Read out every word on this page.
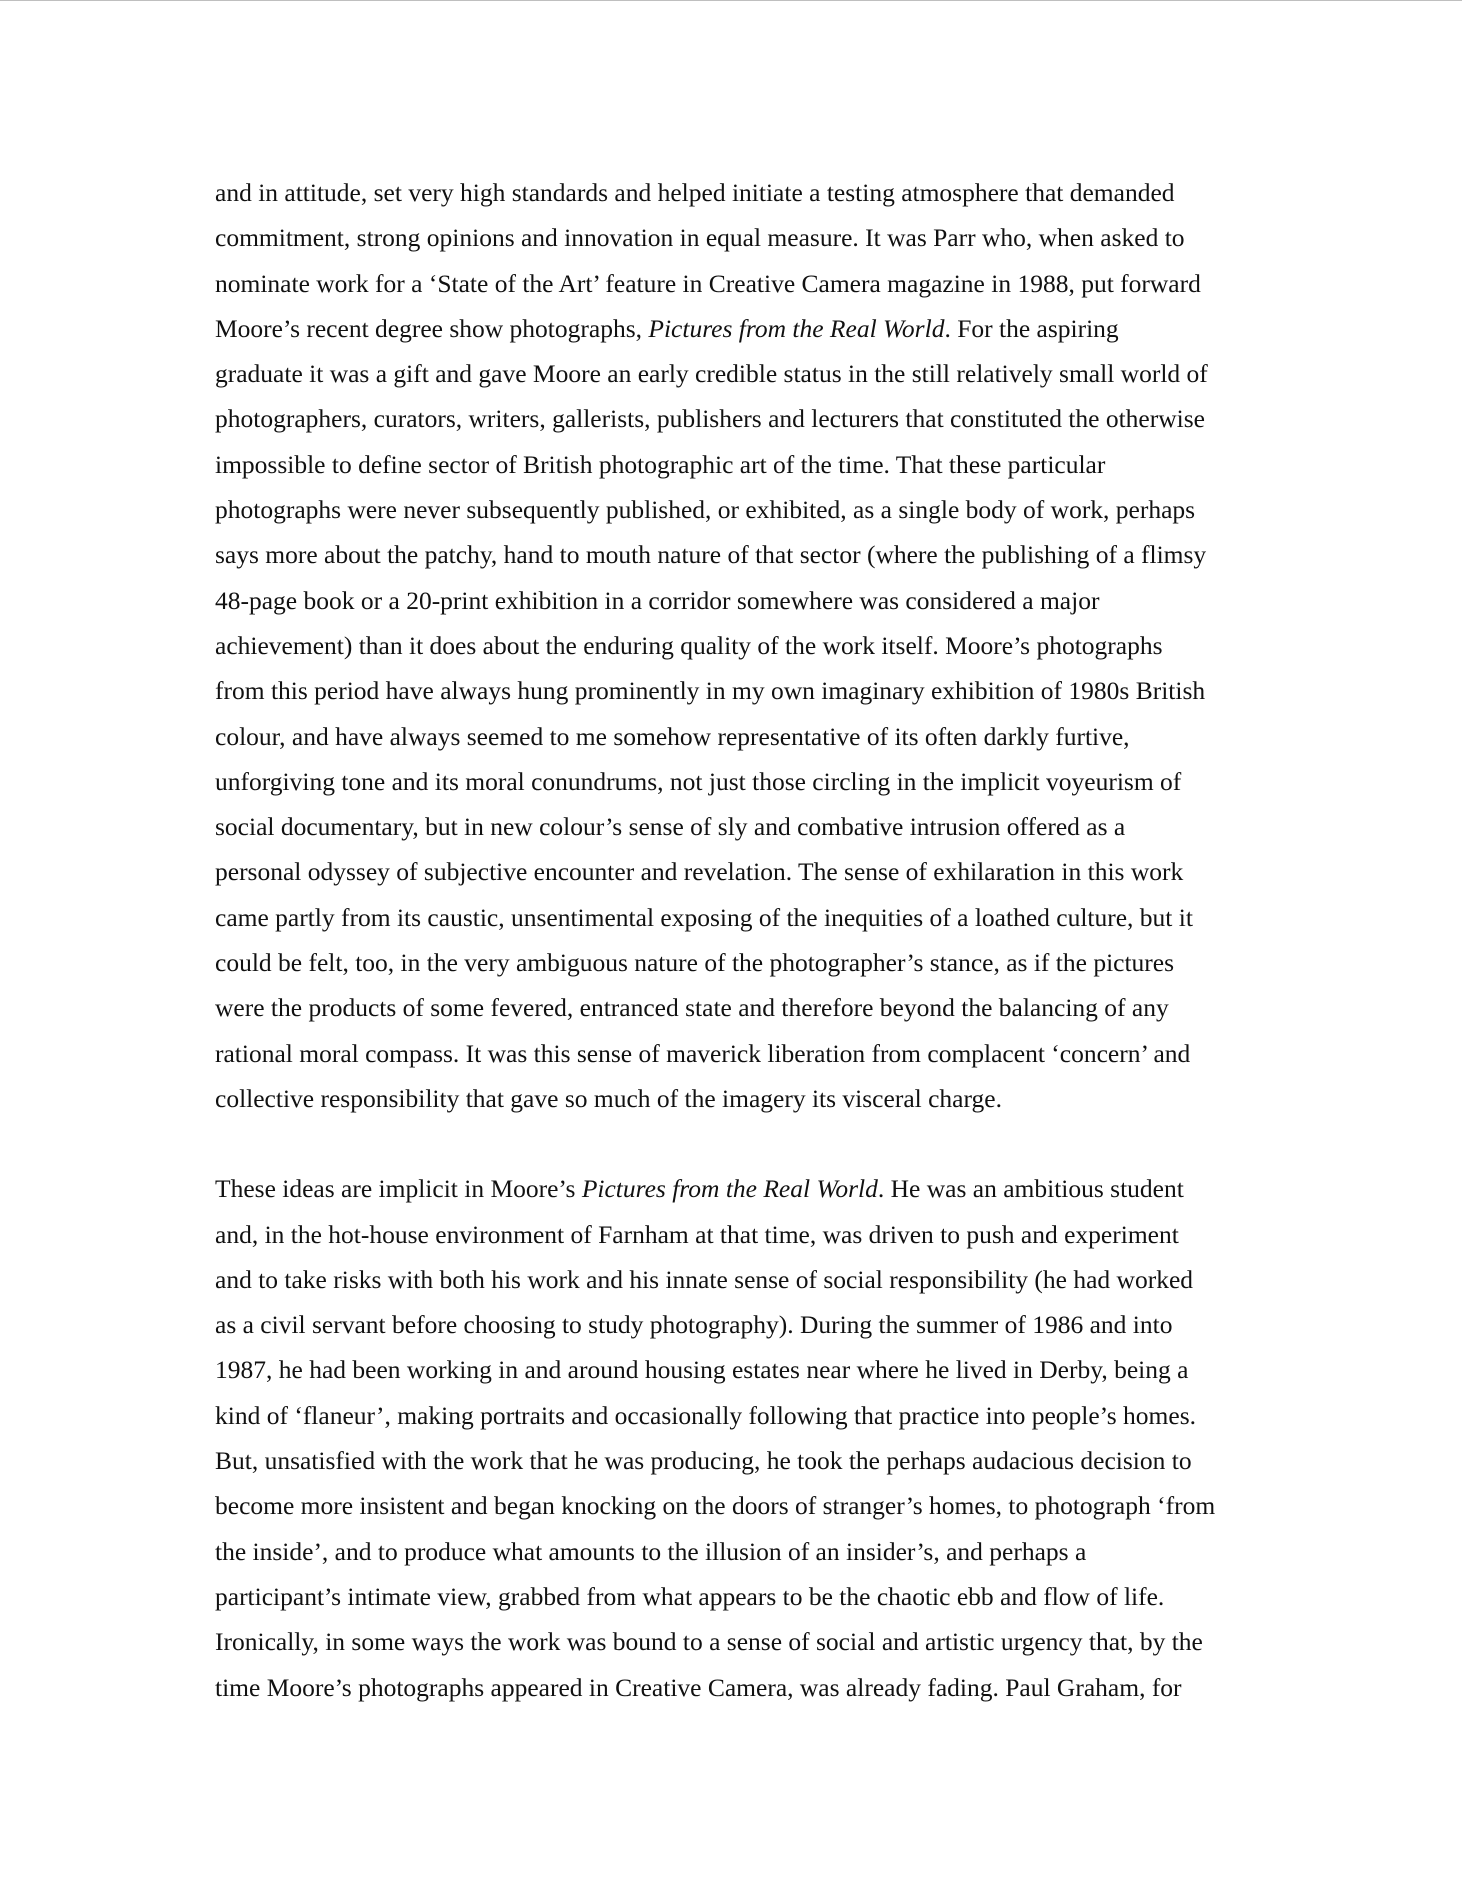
and in attitude, set very high standards and helped initiate a testing atmosphere that demanded
commitment, strong opinions and innovation in equal measure. It was Parr who, when asked to
nominate work for a ‘State of the Art’ feature in Creative Camera magazine in 1988, put forward
Moore’s recent degree show photographs, Pictures from the Real World. For the aspiring
graduate it was a gift and gave Moore an early credible status in the still relatively small world of
photographers, curators, writers, gallerists, publishers and lecturers that constituted the otherwise
impossible to define sector of British photographic art of the time. That these particular
photographs were never subsequently published, or exhibited, as a single body of work, perhaps
says more about the patchy, hand to mouth nature of that sector (where the publishing of a flimsy
48-page book or a 20-print exhibition in a corridor somewhere was considered a major
achievement) than it does about the enduring quality of the work itself. Moore’s photographs
from this period have always hung prominently in my own imaginary exhibition of 1980s British
colour, and have always seemed to me somehow representative of its often darkly furtive,
unforgiving tone and its moral conundrums, not just those circling in the implicit voyeurism of
social documentary, but in new colour’s sense of sly and combative intrusion offered as a
personal odyssey of subjective encounter and revelation. The sense of exhilaration in this work
came partly from its caustic, unsentimental exposing of the inequities of a loathed culture, but it
could be felt, too, in the very ambiguous nature of the photographer’s stance, as if the pictures
were the products of some fevered, entranced state and therefore beyond the balancing of any
rational moral compass. It was this sense of maverick liberation from complacent ‘concern’ and
collective responsibility that gave so much of the imagery its visceral charge.
These ideas are implicit in Moore’s Pictures from the Real World. He was an ambitious student
and, in the hot-house environment of Farnham at that time, was driven to push and experiment
and to take risks with both his work and his innate sense of social responsibility (he had worked
as a civil servant before choosing to study photography). During the summer of 1986 and into
1987, he had been working in and around housing estates near where he lived in Derby, being a
kind of ‘flaneur’, making portraits and occasionally following that practice into people’s homes.
But, unsatisfied with the work that he was producing, he took the perhaps audacious decision to
become more insistent and began knocking on the doors of stranger’s homes, to photograph ‘from
the inside’, and to produce what amounts to the illusion of an insider’s, and perhaps a
participant’s intimate view, grabbed from what appears to be the chaotic ebb and flow of life.
Ironically, in some ways the work was bound to a sense of social and artistic urgency that, by the
time Moore’s photographs appeared in Creative Camera, was already fading. Paul Graham, for
